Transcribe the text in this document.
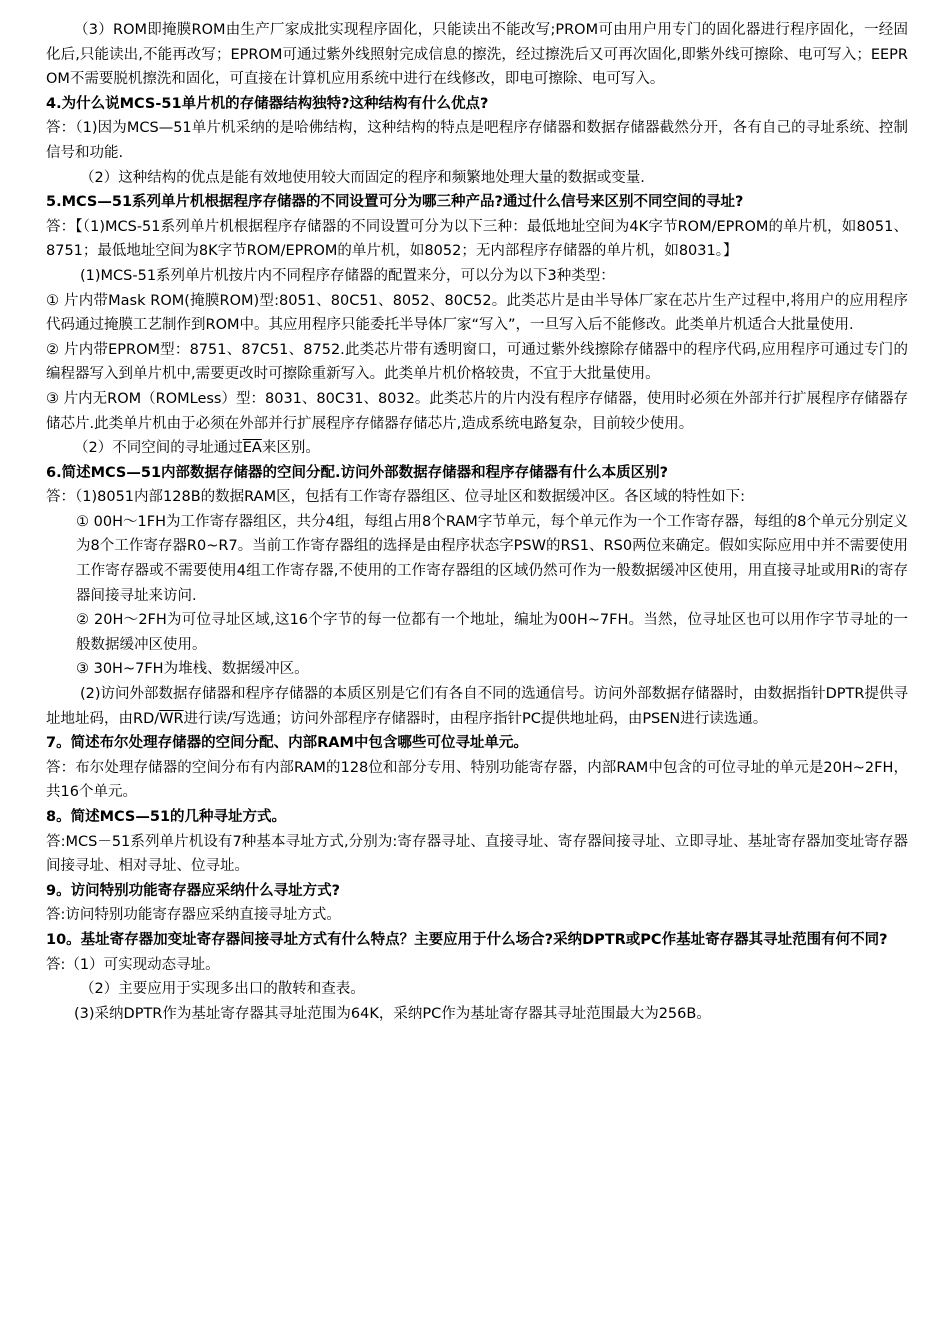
（3）ROM即掩膜ROM由生产厂家成批实现程序固化，只能读出不能改写;PROM可由用户用专门的固化器进行程序固化，一经固化后,只能读出,不能再改写；EPROM可通过紫外线照射完成信息的擦洗，经过擦洗后又可再次固化,即紫外线可擦除、电可写入；EEPROM不需要脱机擦洗和固化，可直接在计算机应用系统中进行在线修改，即电可擦除、电可写入。

4.为什么说MCS-51单片机的存储器结构独特?这种结构有什么优点?

答：（1)因为MCS—51单片机采纳的是哈佛结构，这种结构的特点是吧程序存储器和数据存储器截然分开，各有自己的寻址系统、控制信号和功能.

（2）这种结构的优点是能有效地使用较大而固定的程序和频繁地处理大量的数据或变量.

5.MCS—51系列单片机根据程序存储器的不同设置可分为哪三种产品?通过什么信号来区别不同空间的寻址?

答：【（1)MCS-51系列单片机根据程序存储器的不同设置可分为以下三种：最低地址空间为4K字节ROM/EPROM的单片机，如8051、8751；最低地址空间为8K字节ROM/EPROM的单片机，如8052；无内部程序存储器的单片机，如8031。】

(1)MCS-51系列单片机按片内不同程序存储器的配置来分，可以分为以下3种类型：

① 片内带Mask ROM(掩膜ROM)型:8051、80C51、8052、80C52。此类芯片是由半导体厂家在芯片生产过程中,将用户的应用程序代码通过掩膜工艺制作到ROM中。其应用程序只能委托半导体厂家“写入”，一旦写入后不能修改。此类单片机适合大批量使用.

② 片内带EPROM型：8751、87C51、8752.此类芯片带有透明窗口，可通过紫外线擦除存储器中的程序代码,应用程序可通过专门的编程器写入到单片机中,需要更改时可擦除重新写入。此类单片机价格较贵，不宜于大批量使用。

③ 片内无ROM（ROMLess）型：8031、80C31、8032。此类芯片的片内没有程序存储器，使用时必须在外部并行扩展程序存储器存储芯片.此类单片机由于必须在外部并行扩展程序存储器存储芯片,造成系统电路复杂，目前较少使用。

（2）不同空间的寻址通过$\overline{EA}$来区别。

6.简述MCS—51内部数据存储器的空间分配.访问外部数据存储器和程序存储器有什么本质区别?

答：（1)8051内部128B的数据RAM区，包括有工作寄存器组区、位寻址区和数据缓冲区。各区域的特性如下:

① 00H～1FH为工作寄存器组区，共分4组，每组占用8个RAM字节单元，每个单元作为一个工作寄存器，每组的8个单元分别定义为8个工作寄存器R0~R7。当前工作寄存器组的选择是由程序状态字PSW的RS1、RS0两位来确定。假如实际应用中并不需要使用工作寄存器或不需要使用4组工作寄存器,不使用的工作寄存器组的区域仍然可作为一般数据缓冲区使用，用直接寻址或用Ri的寄存器间接寻址来访问.

② 20H～2FH为可位寻址区域,这16个字节的每一位都有一个地址，编址为00H~7FH。当然，位寻址区也可以用作字节寻址的一般数据缓冲区使用。

③ 30H~7FH为堆栈、数据缓冲区。

(2)访问外部数据存储器和程序存储器的本质区别是它们有各自不同的选通信号。访问外部数据存储器时，由数据指针DPTR提供寻址地址码，由$RD/\overline{WR}$进行读/写选通；访问外部程序存储器时，由程序指针PC提供地址码，由PSEN进行读选通。

7。简述布尔处理存储器的空间分配、内部RAM中包含哪些可位寻址单元。

答：布尔处理存储器的空间分布有内部RAM的128位和部分专用、特别功能寄存器，内部RAM中包含的可位寻址的单元是20H~2FH，共16个单元。

8。简述MCS—51的几种寻址方式。

答:MCS－51系列单片机设有7种基本寻址方式,分别为:寄存器寻址、直接寻址、寄存器间接寻址、立即寻址、基址寄存器加变址寄存器间接寻址、相对寻址、位寻址。

9。访问特别功能寄存器应采纳什么寻址方式?

答:访问特别功能寄存器应采纳直接寻址方式。

10。基址寄存器加变址寄存器间接寻址方式有什么特点？主要应用于什么场合?采纳DPTR或PC作基址寄存器其寻址范围有何不同?

答:（1）可实现动态寻址。

（2）主要应用于实现多出口的散转和查表。

(3)采纳DPTR作为基址寄存器其寻址范围为64K，采纳PC作为基址寄存器其寻址范围最大为256B。
